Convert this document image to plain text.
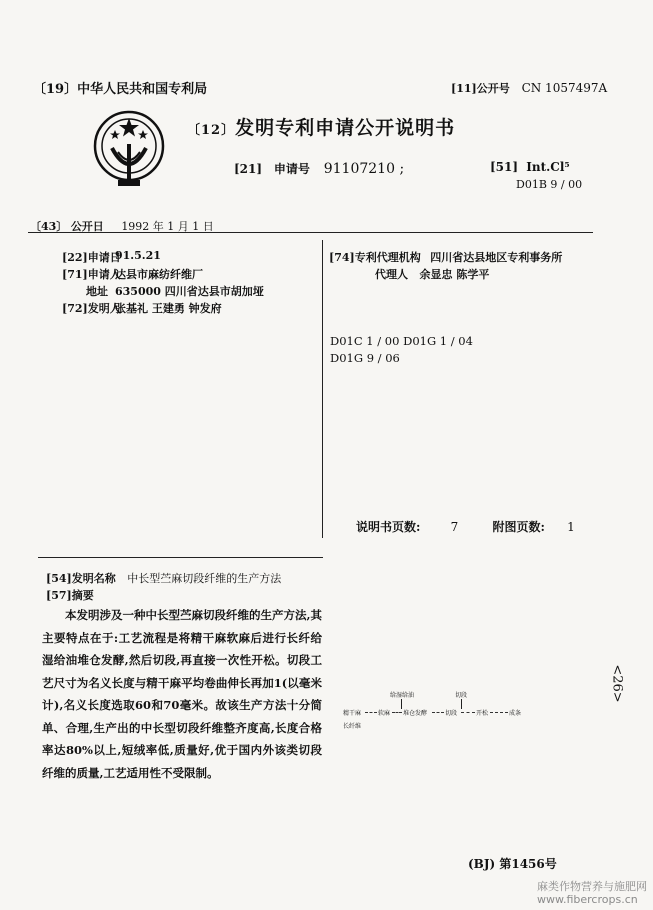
〔19〕中华人民共和国专利局	[11]公开号 CN 1057497A
〔12〕发明专利申请公开说明书
[21] 申请号 91107210 ;	[51] Int.Cl⁵
D01B 9 / 00
〔43〕 公开日 1992 年 1 月 1 日
[22]申请日
91.5.21
[71]申请人
达县市麻纺纤维厂
地址 635000 四川省达县市胡加垭
[72]发明人
张基礼 王建勇 钟发府
[74]专利代理机构 四川省达县地区专利事务所
代理人 余显忠 陈学平
D01C 1 / 00 D01G 1 / 04
D01G 9 / 06
说明书页数:	7	附图页数: 1
[54]发明名称 中长型苎麻切段纤维的生产方法
[57]摘要

本发明涉及一种中长型苎麻切段纤维的生产方法,其主要特点在于:工艺流程是将精干麻软麻后进行长纤给湿给油堆仓发酵,然后切段,再直接一次性开松。切段工艺尺寸为名义长度与精干麻平均卷曲伸长再加1(以毫米计),名义长度选取60和70毫米。故该生产方法十分简单、合理,生产出的中长型切段纤维整齐度高,长度合格率达80%以上,短绒率低,质量好,优于国内外该类切段纤维的质量,工艺适用性不受限制。

给湿给油	切段
精干麻	软麻 堆仓发酵	切段	开松	成条
长纤维
<26>
(BJ) 第1456号
麻类作物营养与施肥网
www.fibercrops.cn
